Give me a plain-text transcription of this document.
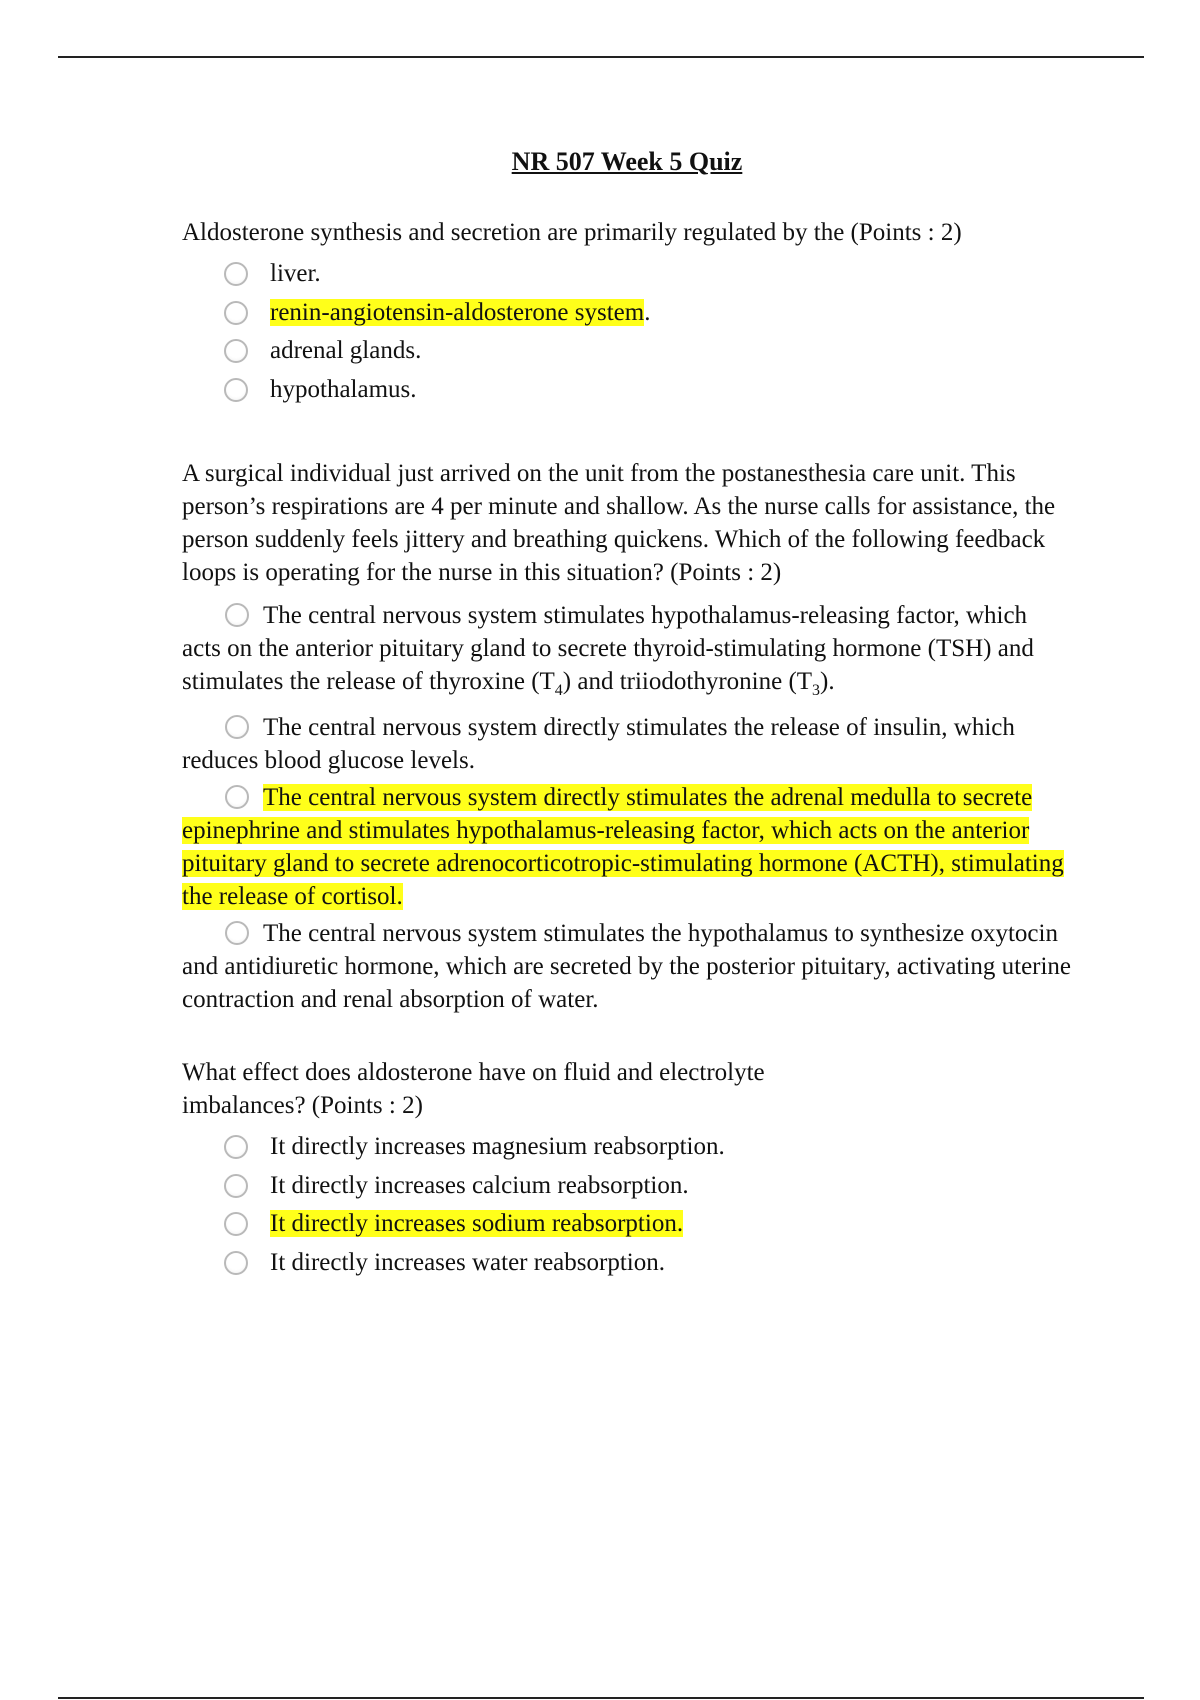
NR 507 Week 5 Quiz
Aldosterone synthesis and secretion are primarily regulated by the (Points : 2)
liver.
renin-angiotensin-aldosterone system.
adrenal glands.
hypothalamus.
A surgical individual just arrived on the unit from the postanesthesia care unit. This person’s respirations are 4 per minute and shallow. As the nurse calls for assistance, the person suddenly feels jittery and breathing quickens. Which of the following feedback loops is operating for the nurse in this situation? (Points : 2)
The central nervous system stimulates hypothalamus-releasing factor, which acts on the anterior pituitary gland to secrete thyroid-stimulating hormone (TSH) and stimulates the release of thyroxine $(T_4)$ and triiodothyronine $(T_3)$.
The central nervous system directly stimulates the release of insulin, which reduces blood glucose levels.
The central nervous system directly stimulates the adrenal medulla to secrete epinephrine and stimulates hypothalamus-releasing factor, which acts on the anterior pituitary gland to secrete adrenocorticotropic-stimulating hormone (ACTH), stimulating the release of cortisol.
The central nervous system stimulates the hypothalamus to synthesize oxytocin and antidiuretic hormone, which are secreted by the posterior pituitary, activating uterine contraction and renal absorption of water.
What effect does aldosterone have on fluid and electrolyte imbalances? (Points : 2)
It directly increases magnesium reabsorption.
It directly increases calcium reabsorption.
It directly increases sodium reabsorption.
It directly increases water reabsorption.
